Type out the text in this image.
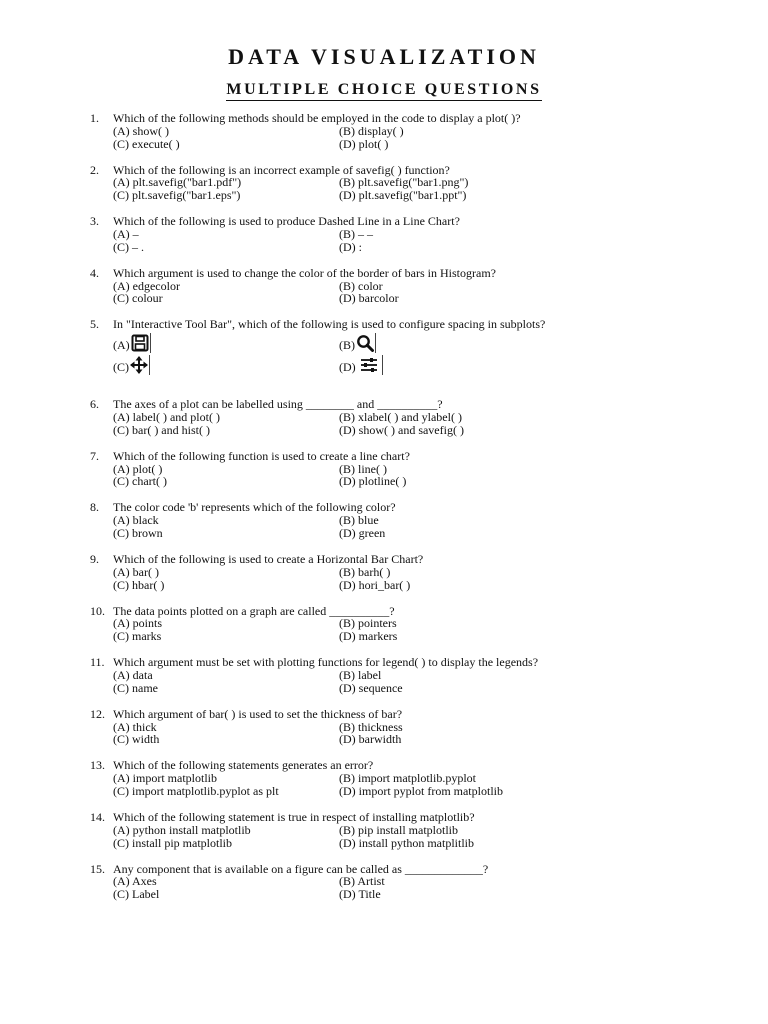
DATA VISUALIZATION
MULTIPLE CHOICE QUESTIONS
1. Which of the following methods should be employed in the code to display a plot( )?
(A) show( )	(B) display( )
(C) execute( )	(D) plot( )
2. Which of the following is an incorrect example of savefig( ) function?
(A) plt.savefig("bar1.pdf")	(B) plt.savefig("bar1.png")
(C) plt.savefig("bar1.eps")	(D) plt.savefig("bar1.ppt")
3. Which of the following is used to produce Dashed Line in a Line Chart?
(A) –	(B) – –
(C) – .	(D) :
4. Which argument is used to change the color of the border of bars in Histogram?
(A) edgecolor	(B) color
(C) colour	(D) barcolor
5. In "Interactive Tool Bar", which of the following is used to configure spacing in subplots?
(A)	(B)
(C)	(D)
6. The axes of a plot can be labelled using ________ and __________?
(A) label( ) and plot( )	(B) xlabel( ) and ylabel( )
(C) bar( ) and hist( )	(D) show( ) and savefig( )
7. Which of the following function is used to create a line chart?
(A) plot( )	(B) line( )
(C) chart( )	(D) plotline( )
8. The color code 'b' represents which of the following color?
(A) black	(B) blue
(C) brown	(D) green
9. Which of the following is used to create a Horizontal Bar Chart?
(A) bar( )	(B) barh( )
(C) hbar( )	(D) hori_bar( )
10. The data points plotted on a graph are called __________?
(A) points	(B) pointers
(C) marks	(D) markers
11. Which argument must be set with plotting functions for legend( ) to display the legends?
(A) data	(B) label
(C) name	(D) sequence
12. Which argument of bar( ) is used to set the thickness of bar?
(A) thick	(B) thickness
(C) width	(D) barwidth
13. Which of the following statements generates an error?
(A) import matplotlib	(B) import matplotlib.pyplot
(C) import matplotlib.pyplot as plt	(D) import pyplot from matplotlib
14. Which of the following statement is true in respect of installing matplotlib?
(A) python install matplotlib	(B) pip install matplotlib
(C) install pip matplotlib	(D) install python matplitlib
15. Any component that is available on a figure can be called as _____________?
(A) Axes	(B) Artist
(C) Label	(D) Title
